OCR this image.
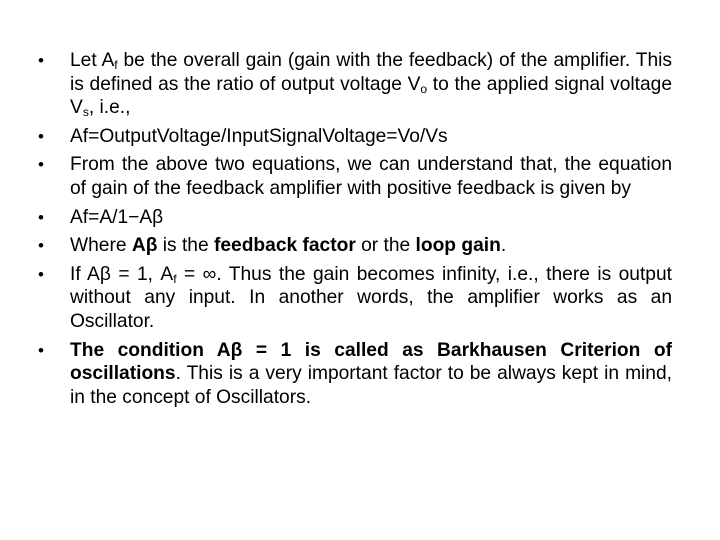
•	Let $A_f$ be the overall gain (gain with the feedback) of the amplifier. This is defined as the ratio of output voltage $V_o$ to the applied signal voltage $V_s$, i.e.,
•	Af=OutputVoltage/InputSignalVoltage=Vo/Vs
•	From the above two equations, we can understand that, the equation of gain of the feedback amplifier with positive feedback is given by
•	Af=A/1−Aβ
•	Where Aβ is the feedback factor or the loop gain.
•	If Aβ = 1, $A_f$ = ∞. Thus the gain becomes infinity, i.e., there is output without any input. In another words, the amplifier works as an Oscillator.
•	The condition Aβ = 1 is called as Barkhausen Criterion of oscillations. This is a very important factor to be always kept in mind, in the concept of Oscillators.
